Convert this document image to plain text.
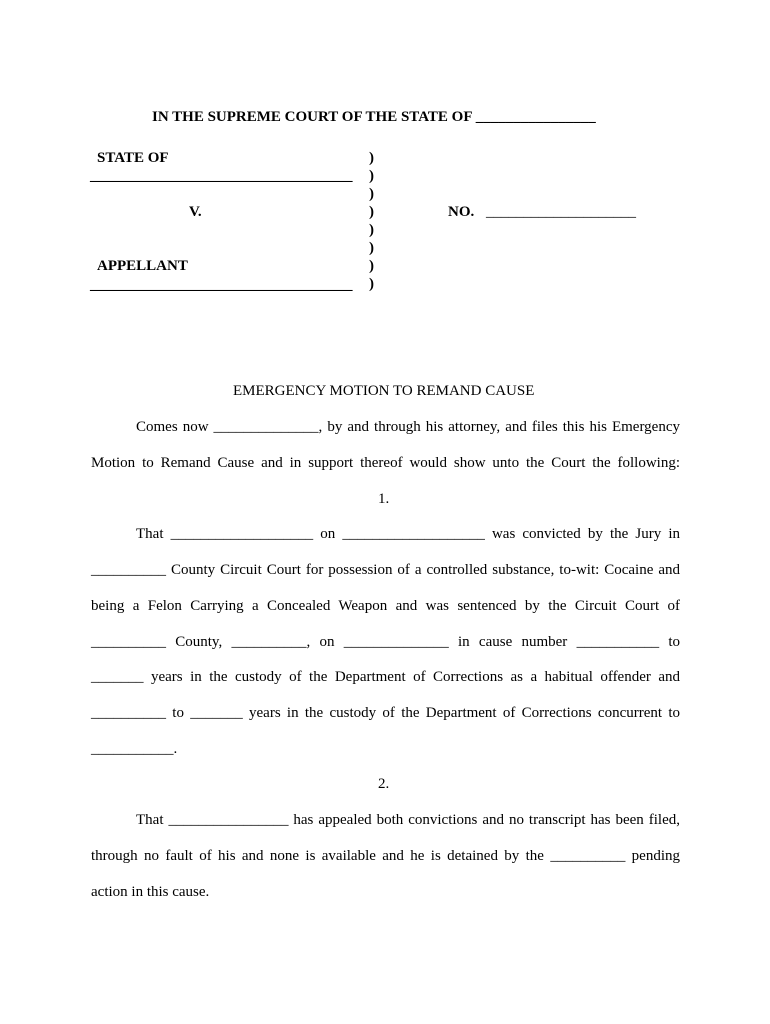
IN THE SUPREME COURT OF THE STATE OF ________________
STATE OF
___________________________________
V.
APPELLANT
___________________________________
)
)
)
)
)
)
)
)
NO. ____________________
EMERGENCY MOTION TO REMAND CAUSE
Comes now ______________, by and through his attorney, and files this his Emergency
Motion to Remand Cause and in support thereof would show unto the Court the following:
1.
That ___________________ on ___________________ was convicted by the Jury in
__________ County Circuit Court for possession of a controlled substance, to-wit: Cocaine and
being a Felon Carrying a Concealed Weapon and was sentenced by the Circuit Court of
__________ County, __________, on ______________ in cause number ___________ to
_______ years in the custody of the Department of Corrections as a habitual offender and
__________ to _______ years in the custody of the Department of Corrections concurrent to
___________.
2.
That ________________ has appealed both convictions and no transcript has been filed,
through no fault of his and none is available and he is detained by the __________ pending
action in this cause.
